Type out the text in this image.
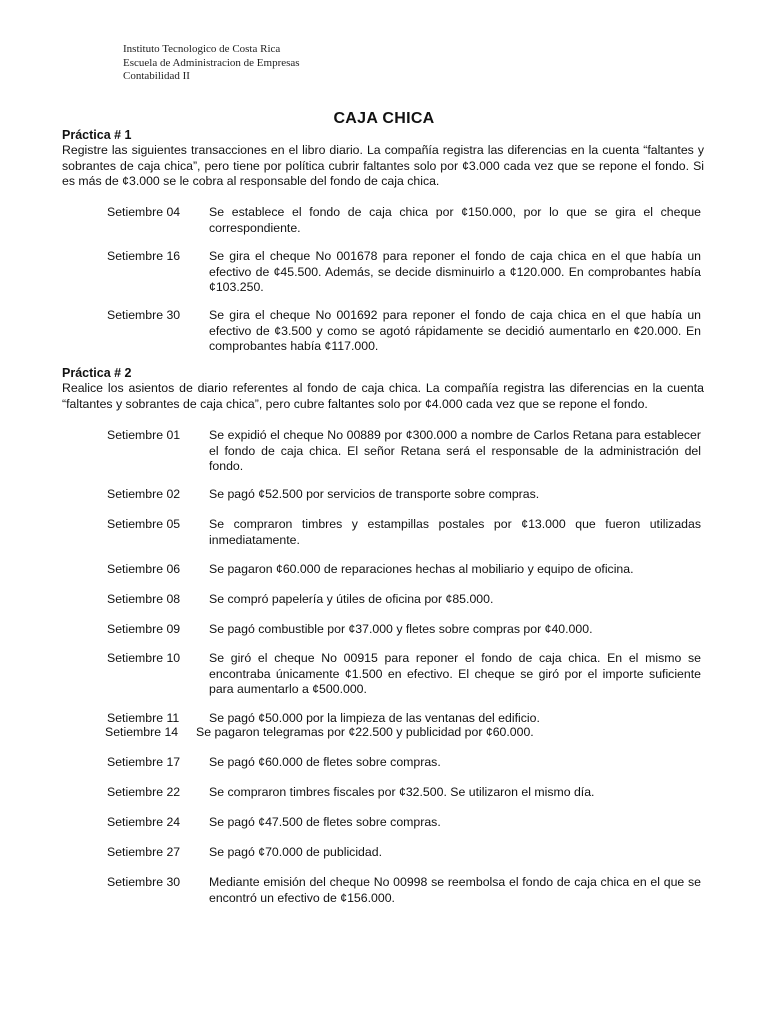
Instituto Tecnologico de Costa Rica
Escuela de Administracion de Empresas
Contabilidad II
CAJA CHICA
Práctica # 1
Registre las siguientes transacciones en el libro diario. La compañía registra las diferencias en la cuenta “faltantes y sobrantes de caja chica”, pero tiene por política cubrir faltantes solo por ¢3.000 cada vez que se repone el fondo. Si es más de ¢3.000 se le cobra al responsable del fondo de caja chica.
Setiembre 04 Se establece el fondo de caja chica por ¢150.000, por lo que se gira el cheque correspondiente.
Setiembre 16 Se gira el cheque No 001678 para reponer el fondo de caja chica en el que había un efectivo de ¢45.500. Además, se decide disminuirlo a ¢120.000. En comprobantes había ¢103.250.
Setiembre 30 Se gira el cheque No 001692 para reponer el fondo de caja chica en el que había un efectivo de ¢3.500 y como se agotó rápidamente se decidió aumentarlo en ¢20.000. En comprobantes había ¢117.000.
Práctica # 2
Realice los asientos de diario referentes al fondo de caja chica. La compañía registra las diferencias en la cuenta “faltantes y sobrantes de caja chica”, pero cubre faltantes solo por ¢4.000 cada vez que se repone el fondo.
Setiembre 01 Se expidió el cheque No 00889 por ¢300.000 a nombre de Carlos Retana para establecer el fondo de caja chica. El señor Retana será el responsable de la administración del fondo.
Setiembre 02 Se pagó ¢52.500 por servicios de transporte sobre compras.
Setiembre 05 Se compraron timbres y estampillas postales por ¢13.000 que fueron utilizadas inmediatamente.
Setiembre 06 Se pagaron ¢60.000 de reparaciones hechas al mobiliario y equipo de oficina.
Setiembre 08 Se compró papelería y útiles de oficina por ¢85.000.
Setiembre 09 Se pagó combustible por ¢37.000 y fletes sobre compras por ¢40.000.
Setiembre 10 Se giró el cheque No 00915 para reponer el fondo de caja chica. En el mismo se encontraba únicamente ¢1.500 en efectivo. El cheque se giró por el importe suficiente para aumentarlo a ¢500.000.
Setiembre 11 Se pagó ¢50.000 por la limpieza de las ventanas del edificio.
Setiembre 14 Se pagaron telegramas por ¢22.500 y publicidad por ¢60.000.
Setiembre 17 Se pagó ¢60.000 de fletes sobre compras.
Setiembre 22 Se compraron timbres fiscales por ¢32.500. Se utilizaron el mismo día.
Setiembre 24 Se pagó ¢47.500 de fletes sobre compras.
Setiembre 27 Se pagó ¢70.000 de publicidad.
Setiembre 30 Mediante emisión del cheque No 00998 se reembolsa el fondo de caja chica en el que se encontró un efectivo de ¢156.000.
